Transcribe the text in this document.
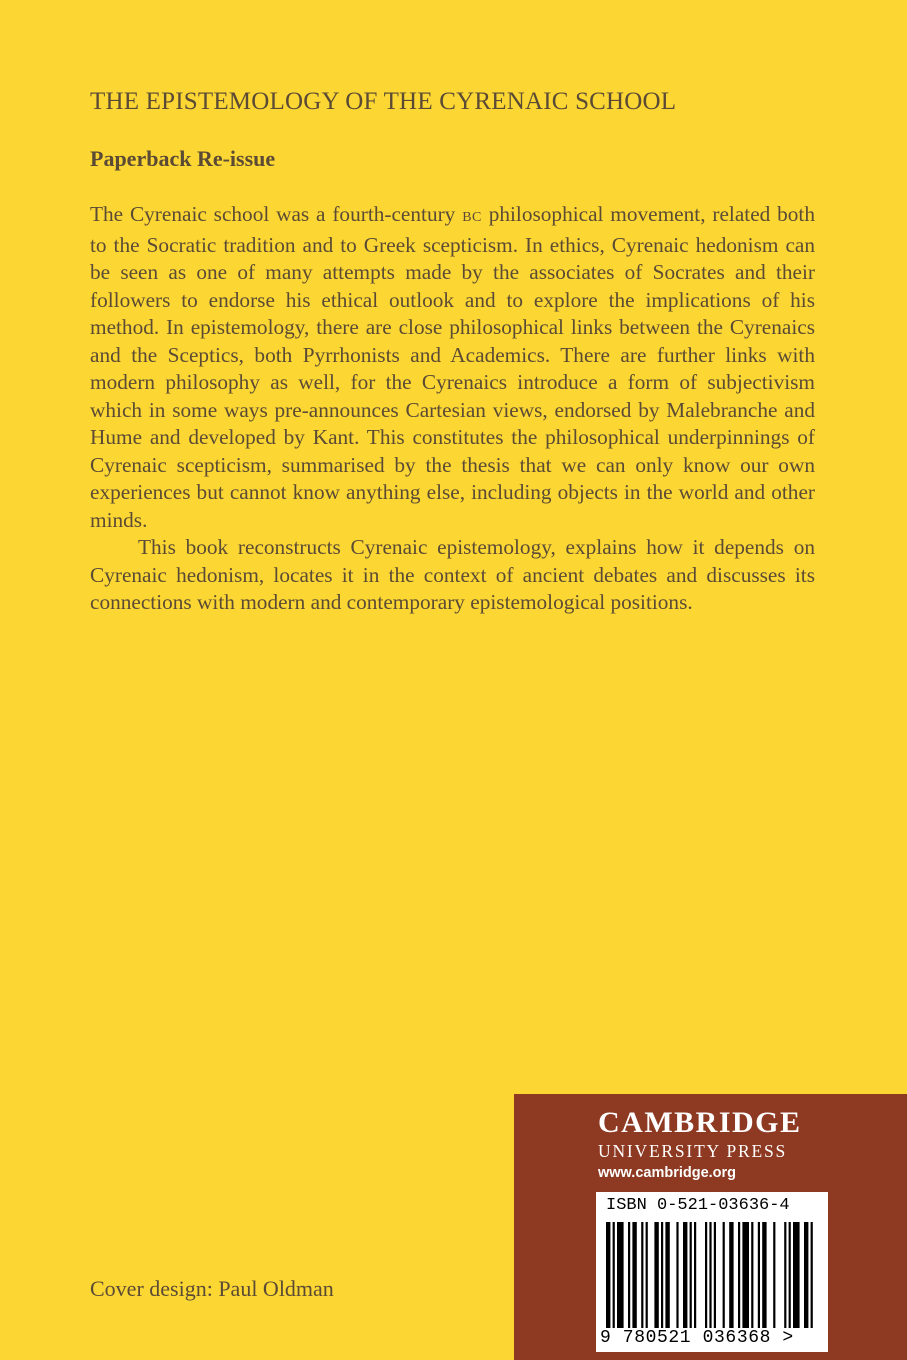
THE EPISTEMOLOGY OF THE CYRENAIC SCHOOL
Paperback Re-issue

The Cyrenaic school was a fourth-century BC philosophical movement, related both to the Socratic tradition and to Greek scepticism. In ethics, Cyrenaic hedonism can be seen as one of many attempts made by the associates of Socrates and their followers to endorse his ethical outlook and to explore the implications of his method. In epistemology, there are close philosophical links between the Cyrenaics and the Sceptics, both Pyrrhonists and Academics. There are further links with modern philosophy as well, for the Cyrenaics introduce a form of subjectivism which in some ways pre-announces Cartesian views, endorsed by Malebranche and Hume and developed by Kant. This constitutes the philosophical underpinnings of Cyrenaic scepticism, summarised by the thesis that we can only know our own experiences but cannot know anything else, including objects in the world and other minds.

This book reconstructs Cyrenaic epistemology, explains how it depends on Cyrenaic hedonism, locates it in the context of ancient debates and discusses its connections with modern and contemporary epistemological positions.

Cover design: Paul Oldman
CAMBRIDGE
UNIVERSITY PRESS
www.cambridge.org
ISBN 0-521-03636-4
9 780521 036368 >
